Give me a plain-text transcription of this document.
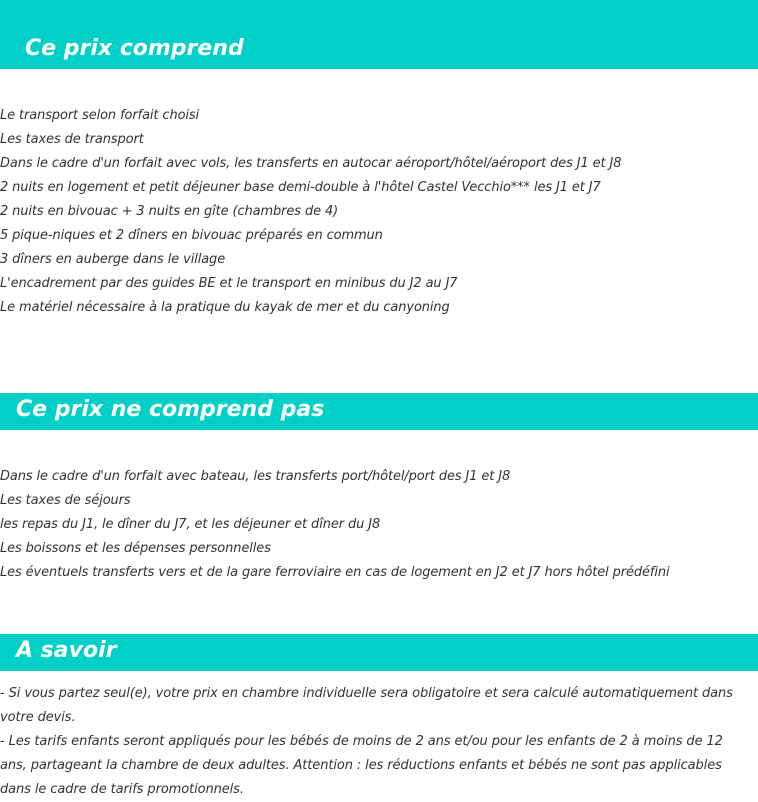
Ce prix comprend
Le transport selon forfait choisi
Les taxes de transport
Dans le cadre d'un forfait avec vols, les transferts en autocar aéroport/hôtel/aéroport des J1 et J8
2 nuits en logement et petit déjeuner base demi-double à l'hôtel Castel Vecchio*** les J1 et J7
2 nuits en bivouac + 3 nuits en gîte (chambres de 4)
5 pique-niques et 2 dîners en bivouac préparés en commun
3 dîners en auberge dans le village
L'encadrement par des guides BE et le transport en minibus du J2 au J7
Le matériel nécessaire à la pratique du kayak de mer et du canyoning
Ce prix ne comprend pas
Dans le cadre d'un forfait avec bateau, les transferts port/hôtel/port des J1 et J8
Les taxes de séjours
les repas du J1, le dîner du J7, et les déjeuner et dîner du J8
Les boissons et les dépenses personnelles
Les éventuels transferts vers et de la gare ferroviaire en cas de logement en J2 et J7 hors hôtel prédéfini
A savoir

- Si vous partez seul(e), votre prix en chambre individuelle sera obligatoire et sera calculé automatiquement dans votre devis.

- Les tarifs enfants seront appliqués pour les bébés de moins de 2 ans et/ou pour les enfants de 2 à moins de 12 ans, partageant la chambre de deux adultes. Attention : les réductions enfants et bébés ne sont pas applicables dans le cadre de tarifs promotionnels.
